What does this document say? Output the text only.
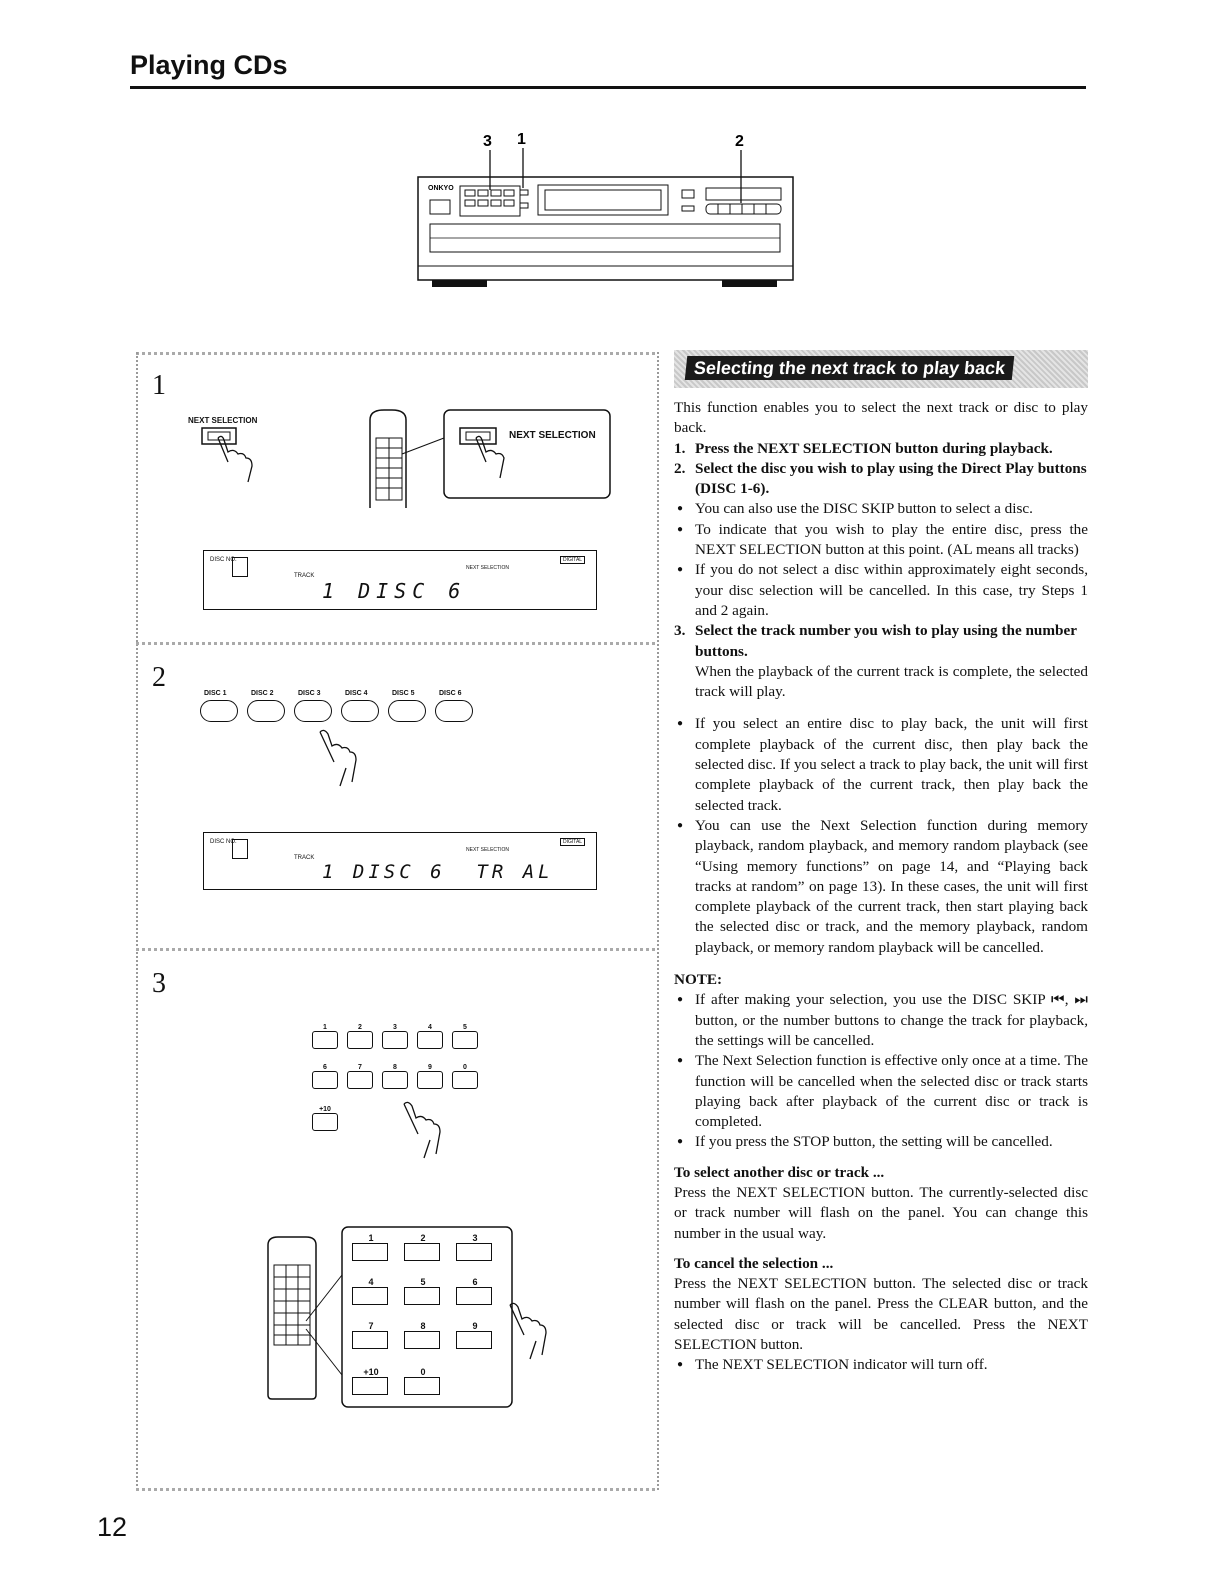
Playing CDs
3 1	2
ONKYO
1
NEXT SELECTION
NEXT SELECTION
DISC NO.
TRACK
NEXT SELECTION
DIGITAL
1 DISC 6
2
DISC 1	DISC 2	DISC 3	DISC 4	DISC 5	DISC 6
DISC NO.
TRACK
NEXT SELECTION
DIGITAL
1 DISC 6  TR AL
3
1	2	3	4	5
6	7	8	9	0
+10
1	2	3
4	5	6
7	8	9
+10	0
Selecting the next track to play back

This function enables you to select the next track or disc to play back.

1. Press the NEXT SELECTION button during playback.
2. Select the disc you wish to play using the Direct Play buttons (DISC 1-6).
● You can also use the DISC SKIP button to select a disc.
● To indicate that you wish to play the entire disc, press the NEXT SELECTION button at this point. (AL means all tracks)
● If you do not select a disc within approximately eight seconds, your disc selection will be cancelled. In this case, try Steps 1 and 2 again.
3. Select the track number you wish to play using the number buttons.

When the playback of the current track is complete, the selected track will play.

● If you select an entire disc to play back, the unit will first complete playback of the current disc, then play back the selected disc. If you select a track to play back, the unit will first complete playback of the current track, then play back the selected track.
● You can use the Next Selection function during memory playback, random playback, and memory random playback (see “Using memory functions” on page 14, and “Playing back tracks at random” on page 13). In these cases, the unit will first complete playback of the current track, then start playing back the selected disc or track, and the memory playback, random playback, or memory random playback will be cancelled.

NOTE:

● If after making your selection, you use the DISC SKIP ⏮, ⏭ button, or the number buttons to change the track for playback, the settings will be cancelled.
● The Next Selection function is effective only once at a time. The function will be cancelled when the selected disc or track starts playing back after playback of the current disc or track is completed.
● If you press the STOP button, the setting will be cancelled.

To select another disc or track ...

Press the NEXT SELECTION button. The currently-selected disc or track number will flash on the panel. You can change this number in the usual way.

To cancel the selection ...

Press the NEXT SELECTION button. The selected disc or track number will flash on the panel. Press the CLEAR button, and the selected disc or track will be cancelled. Press the NEXT SELECTION button.

● The NEXT SELECTION indicator will turn off.
12
